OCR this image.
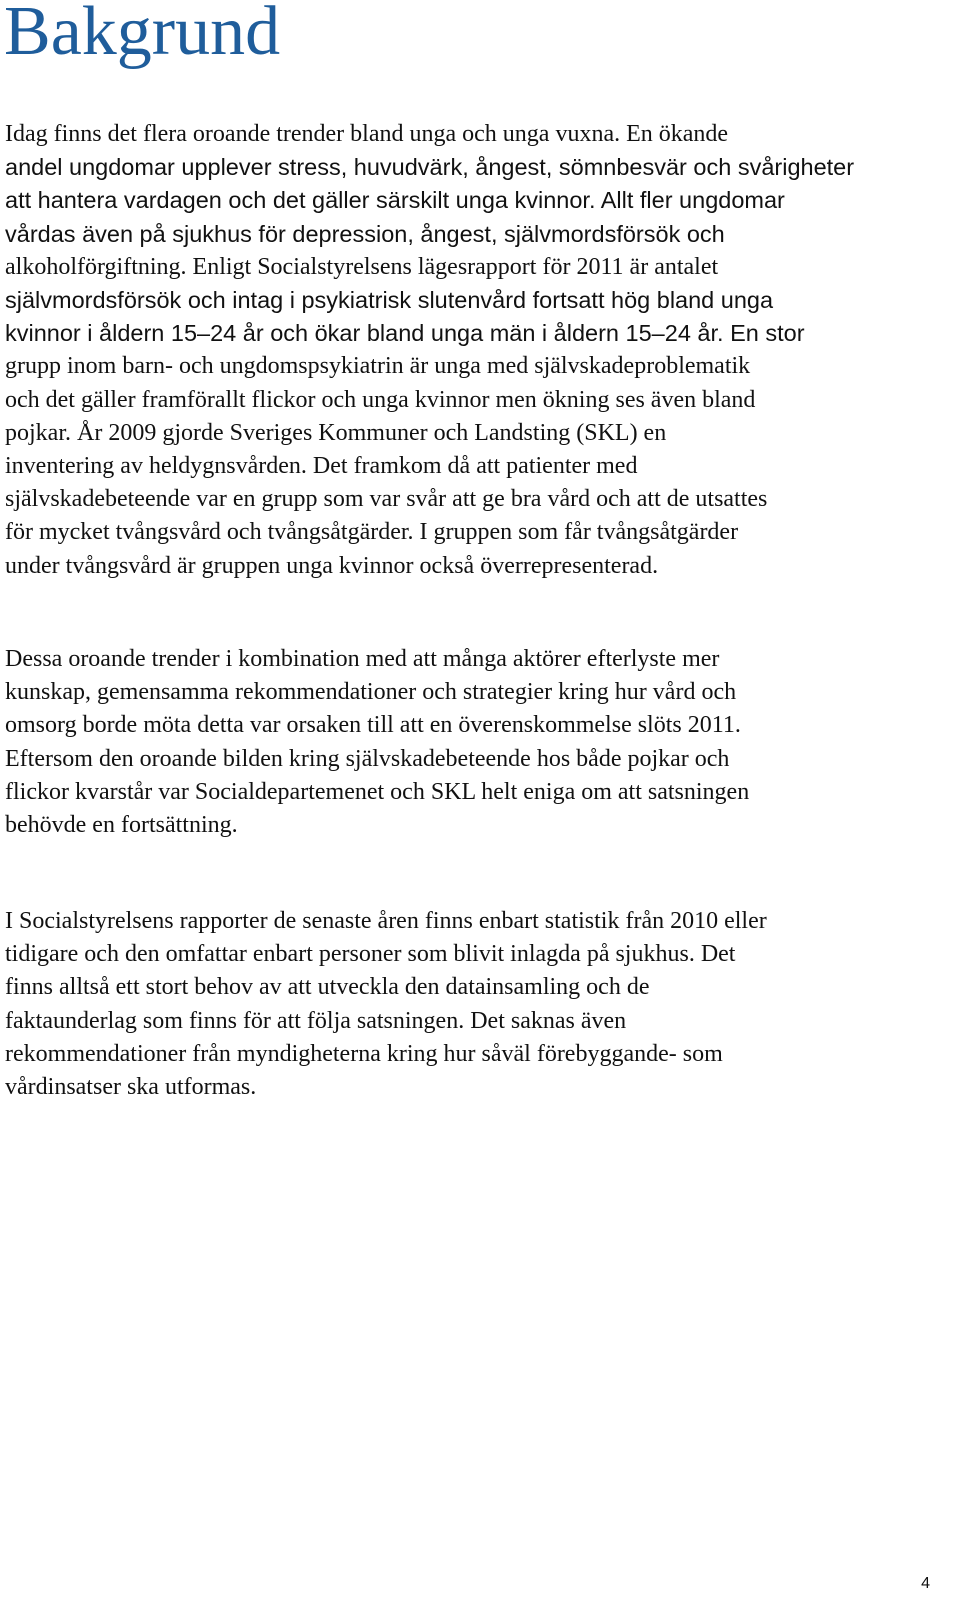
Bakgrund

Idag finns det flera oroande trender bland unga och unga vuxna. En ökande
andel ungdomar upplever stress, huvudvärk, ångest, sömnbesvär och svårigheter
att hantera vardagen och det gäller särskilt unga kvinnor. Allt fler ungdomar
vårdas även på sjukhus för depression, ångest, självmordsförsök och
alkoholförgiftning. Enligt Socialstyrelsens lägesrapport för 2011 är antalet
självmordsförsök och intag i psykiatrisk slutenvård fortsatt hög bland unga
kvinnor i åldern 15–24 år och ökar bland unga män i åldern 15–24 år. En stor
grupp inom barn- och ungdomspsykiatrin är unga med självskadeproblematik
och det gäller framförallt flickor och unga kvinnor men ökning ses även bland
pojkar. År 2009 gjorde Sveriges Kommuner och Landsting (SKL) en
inventering av heldygnsvården. Det framkom då att patienter med
självskadebeteende var en grupp som var svår att ge bra vård och att de utsattes
för mycket tvångsvård och tvångsåtgärder. I gruppen som får tvångsåtgärder
under tvångsvård är gruppen unga kvinnor också överrepresenterad.

Dessa oroande trender i kombination med att många aktörer efterlyste mer
kunskap, gemensamma rekommendationer och strategier kring hur vård och
omsorg borde möta detta var orsaken till att en överenskommelse slöts 2011.
Eftersom den oroande bilden kring självskadebeteende hos både pojkar och
flickor kvarstår var Socialdepartemenet och SKL helt eniga om att satsningen
behövde en fortsättning.

I Socialstyrelsens rapporter de senaste åren finns enbart statistik från 2010 eller
tidigare och den omfattar enbart personer som blivit inlagda på sjukhus. Det
finns alltså ett stort behov av att utveckla den datainsamling och de
faktaunderlag som finns för att följa satsningen. Det saknas även
rekommendationer från myndigheterna kring hur såväl förebyggande- som
vårdinsatser ska utformas.

4
